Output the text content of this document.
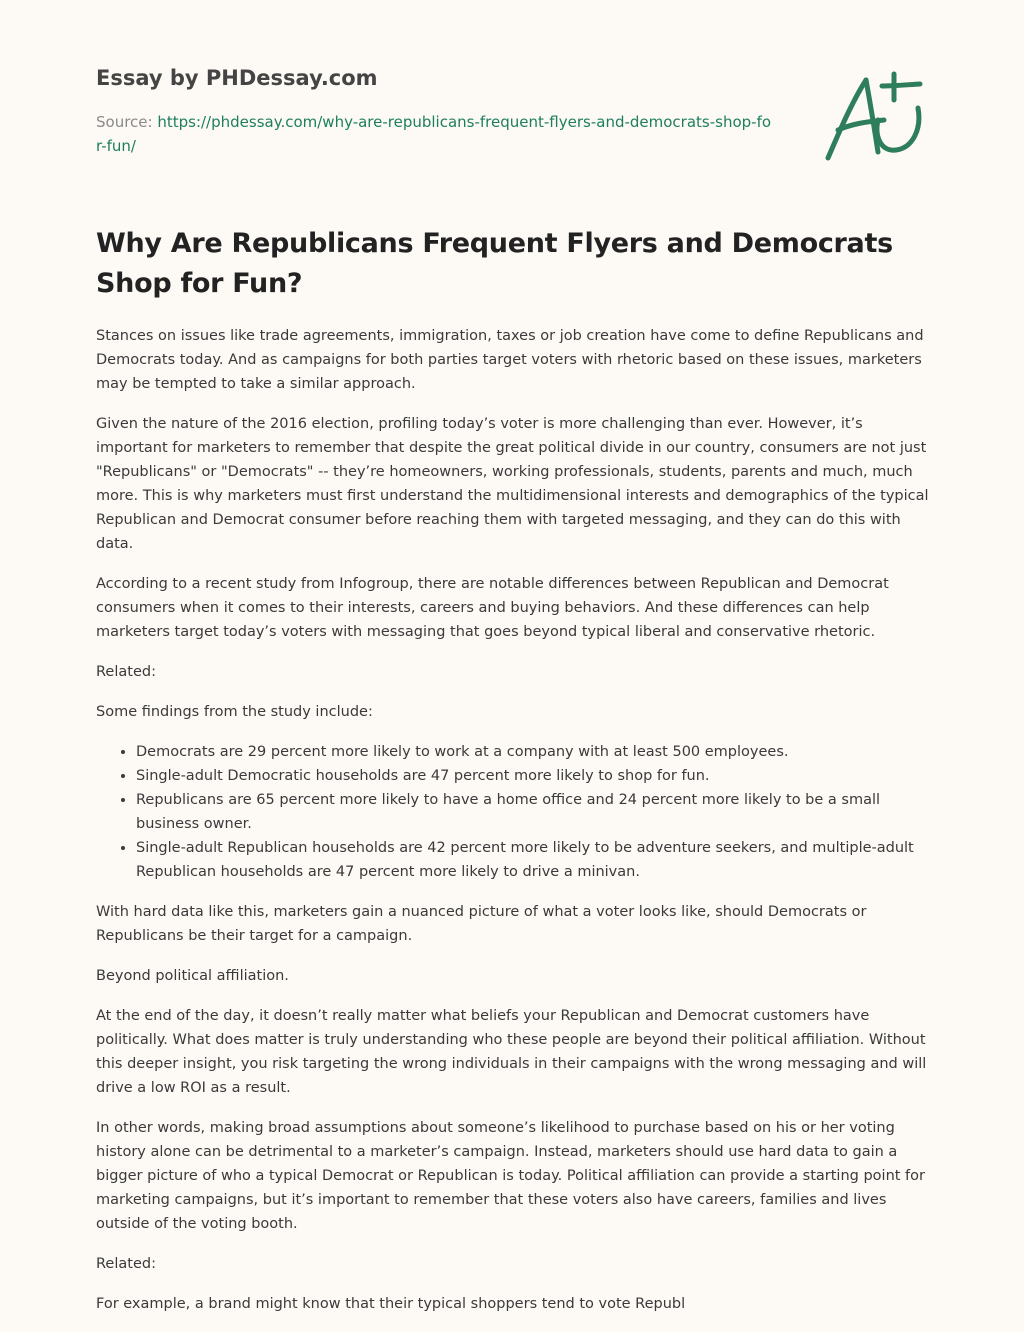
Essay by PHDessay.com
Source: https://phdessay.com/why-are-republicans-frequent-flyers-and-democrats-shop-for-fun/
Why Are Republicans Frequent Flyers and Democrats Shop for Fun?

Stances on issues like trade agreements, immigration, taxes or job creation have come to define Republicans and Democrats today. And as campaigns for both parties target voters with rhetoric based on these issues, marketers may be tempted to take a similar approach.

Given the nature of the 2016 election, profiling today’s voter is more challenging than ever. However, it’s important for marketers to remember that despite the great political divide in our country, consumers are not just "Republicans" or "Democrats" -- they’re homeowners, working professionals, students, parents and much, much more. This is why marketers must first understand the multidimensional interests and demographics of the typical Republican and Democrat consumer before reaching them with targeted messaging, and they can do this with data.

According to a recent study from Infogroup, there are notable differences between Republican and Democrat consumers when it comes to their interests, careers and buying behaviors. And these differences can help marketers target today’s voters with messaging that goes beyond typical liberal and conservative rhetoric.

Related:

Some findings from the study include:

• Democrats are 29 percent more likely to work at a company with at least 500 employees.
• Single-adult Democratic households are 47 percent more likely to shop for fun.
• Republicans are 65 percent more likely to have a home office and 24 percent more likely to be a small business owner.
• Single-adult Republican households are 42 percent more likely to be adventure seekers, and multiple-adult Republican households are 47 percent more likely to drive a minivan.

With hard data like this, marketers gain a nuanced picture of what a voter looks like, should Democrats or Republicans be their target for a campaign.

Beyond political affiliation.

At the end of the day, it doesn’t really matter what beliefs your Republican and Democrat customers have politically. What does matter is truly understanding who these people are beyond their political affiliation. Without this deeper insight, you risk targeting the wrong individuals in their campaigns with the wrong messaging and will drive a low ROI as a result.

In other words, making broad assumptions about someone’s likelihood to purchase based on his or her voting history alone can be detrimental to a marketer’s campaign. Instead, marketers should use hard data to gain a bigger picture of who a typical Democrat or Republican is today. Political affiliation can provide a starting point for marketing campaigns, but it’s important to remember that these voters also have careers, families and lives outside of the voting booth.

Related:

For example, a brand might know that their typical shoppers tend to vote Republ
